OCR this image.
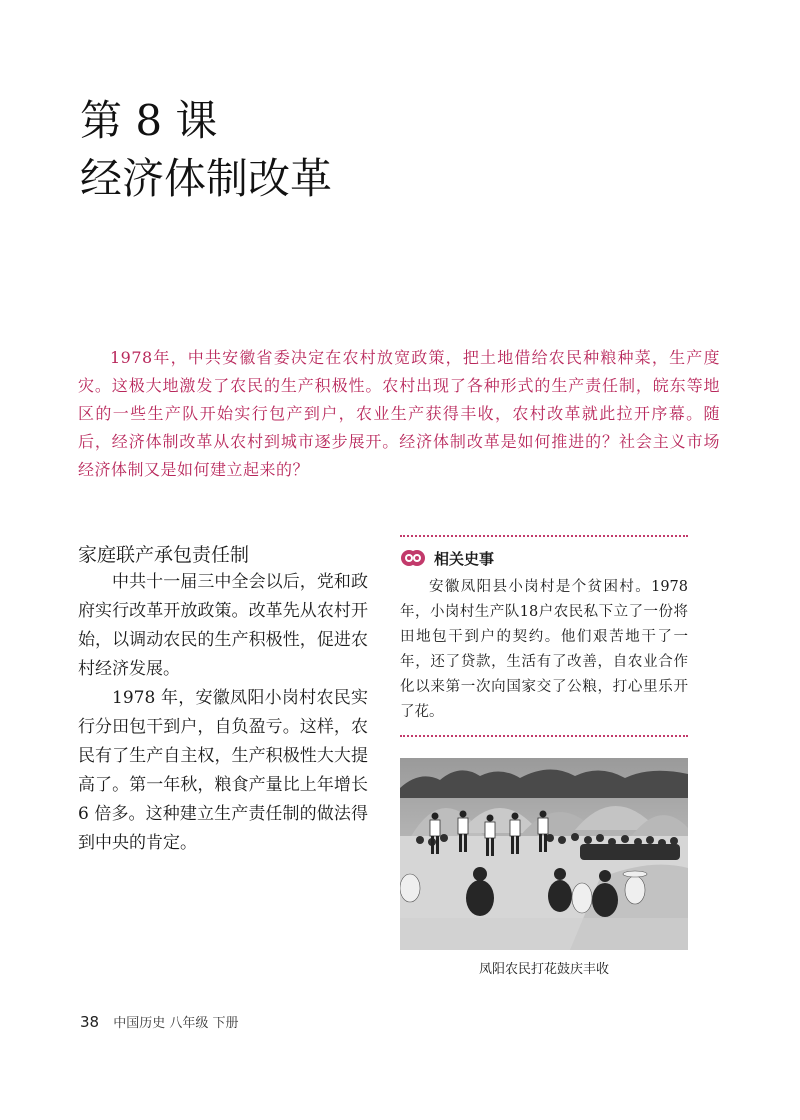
第 8 课
经济体制改革

1978年，中共安徽省委决定在农村放宽政策，把土地借给农民种粮种菜，生产度灾。这极大地激发了农民的生产积极性。农村出现了各种形式的生产责任制，皖东等地区的一些生产队开始实行包产到户，农业生产获得丰收，农村改革就此拉开序幕。随后，经济体制改革从农村到城市逐步展开。经济体制改革是如何推进的？社会主义市场经济体制又是如何建立起来的？

家庭联产承包责任制

中共十一届三中全会以后，党和政府实行改革开放政策。改革先从农村开始，以调动农民的生产积极性，促进农村经济发展。

1978 年，安徽凤阳小岗村农民实行分田包干到户，自负盈亏。这样，农民有了生产自主权，生产积极性大大提高了。第一年秋，粮食产量比上年增长 6 倍多。这种建立生产责任制的做法得到中央的肯定。

相关史事

安徽凤阳县小岗村是个贫困村。1978年，小岗村生产队18户农民私下立了一份将田地包干到户的契约。他们艰苦地干了一年，还了贷款，生活有了改善，自农业合作化以来第一次向国家交了公粮，打心里乐开了花。

凤阳农民打花鼓庆丰收
38 中国历史 八年级 下册
